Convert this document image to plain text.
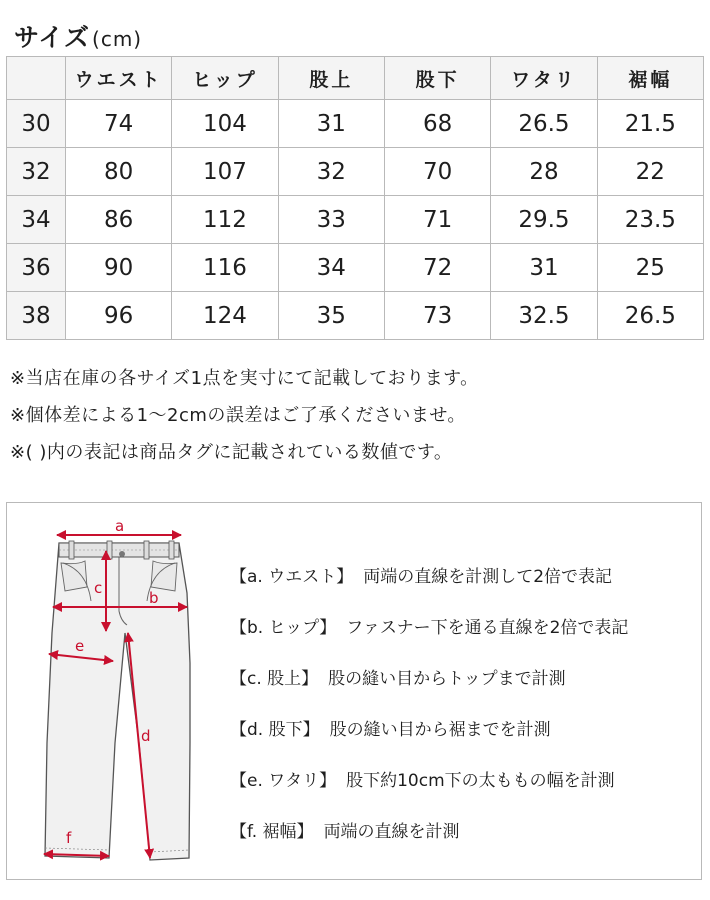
サイズ (cm)
	ウエスト	ヒップ	股上	股下	ワタリ	裾幅
30	74	104	31	68	26.5	21.5
32	80	107	32	70	28	22
34	86	112	33	71	29.5	23.5
36	90	116	34	72	31	25
38	96	124	35	73	32.5	26.5
※当店在庫の各サイズ1点を実寸にて記載しております。
※個体差による1〜2cmの誤差はご了承くださいませ。
※( )内の表記は商品タグに記載されている数値です。
a
b
c
d
e
f
【a. ウエスト】 両端の直線を計測して2倍で表記
【b. ヒップ】 ファスナー下を通る直線を2倍で表記
【c. 股上】 股の縫い目からトップまで計測
【d. 股下】 股の縫い目から裾までを計測
【e. ワタリ】 股下約10cm下の太ももの幅を計測
【f. 裾幅】 両端の直線を計測
